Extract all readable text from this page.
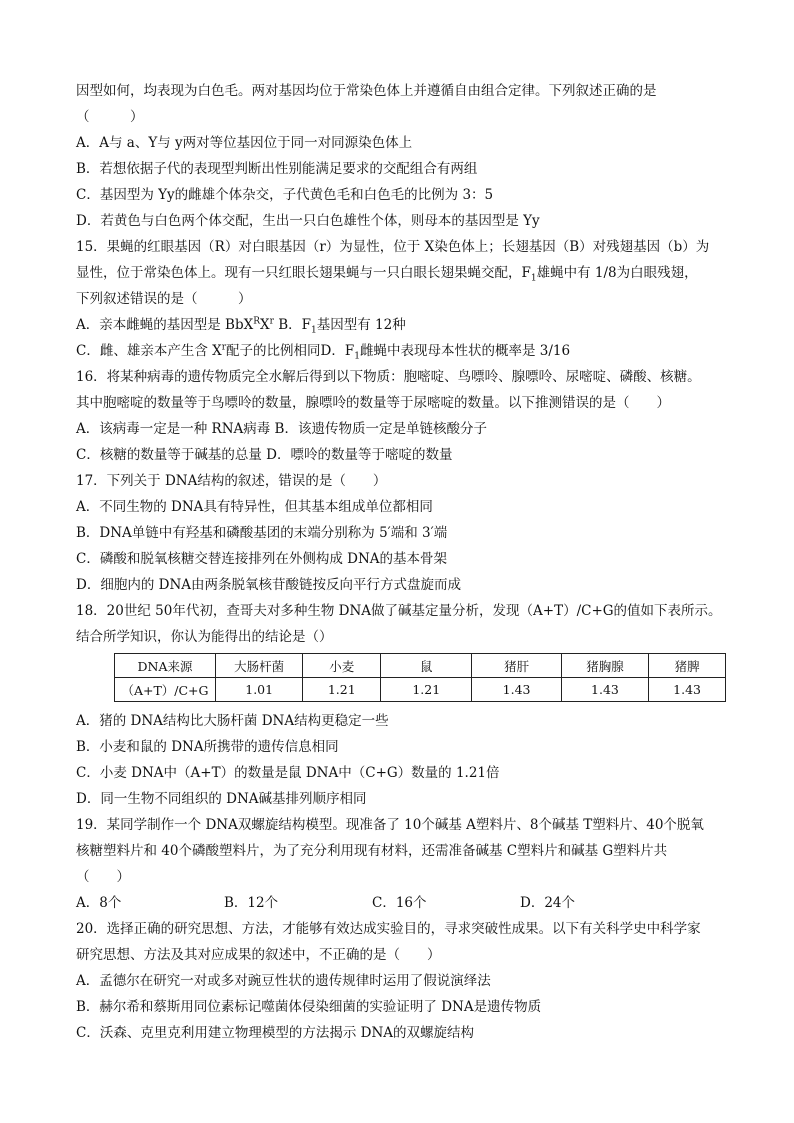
因型如何，均表现为白色毛。两对基因均位于常染色体上并遵循自由组合定律。下列叙述正确的是
（　　　）
A．A与 a、Y与 y两对等位基因位于同一对同源染色体上
B．若想依据子代的表现型判断出性别能满足要求的交配组合有两组
C．基因型为 Yy的雌雄个体杂交，子代黄色毛和白色毛的比例为 3：5
D．若黄色与白色两个体交配，生出一只白色雄性个体，则母本的基因型是 Yy
15．果蝇的红眼基因（R）对白眼基因（r）为显性，位于 X染色体上；长翅基因（B）对残翅基因（b）为
显性，位于常染色体上。现有一只红眼长翅果蝇与一只白眼长翅果蝇交配，$F_1$雄蝇中有 1/8为白眼残翅，
下列叙述错误的是（　　　）
A．亲本雌蝇的基因型是 $BbX^RX^r$ B．$F_1$基因型有 12种
C．雌、雄亲本产生含 $X^r$配子的比例相同D．$F_1$雌蝇中表现母本性状的概率是 3/16
16．将某种病毒的遗传物质完全水解后得到以下物质：胞嘧啶、鸟嘌呤、腺嘌呤、尿嘧啶、磷酸、核糖。
其中胞嘧啶的数量等于鸟嘌呤的数量，腺嘌呤的数量等于尿嘧啶的数量。以下推测错误的是（　　）
A．该病毒一定是一种 RNA病毒 B．该遗传物质一定是单链核酸分子
C．核糖的数量等于碱基的总量 D．嘌呤的数量等于嘧啶的数量
17．下列关于 DNA结构的叙述，错误的是（　　）
A．不同生物的 DNA具有特异性，但其基本组成单位都相同
B．DNA单链中有羟基和磷酸基团的末端分别称为 5′端和 3′端
C．磷酸和脱氧核糖交替连接排列在外侧构成 DNA的基本骨架
D．细胞内的 DNA由两条脱氧核苷酸链按反向平行方式盘旋而成
18．20世纪 50年代初，查哥夫对多种生物 DNA做了碱基定量分析，发现（A+T）/C+G的值如下表所示。
结合所学知识，你认为能得出的结论是（）
DNA来源	大肠杆菌	小麦	鼠	猪肝	猪胸腺	猪脾
（A+T）/C+G	1.01	1.21	1.21	1.43	1.43	1.43
A．猪的 DNA结构比大肠杆菌 DNA结构更稳定一些
B．小麦和鼠的 DNA所携带的遗传信息相同
C．小麦 DNA中（A+T）的数量是鼠 DNA中（C+G）数量的 1.21倍
D．同一生物不同组织的 DNA碱基排列顺序相同
19．某同学制作一个 DNA双螺旋结构模型。现准备了 10个碱基 A塑料片、8个碱基 T塑料片、40个脱氧
核糖塑料片和 40个磷酸塑料片，为了充分利用现有材料，还需准备碱基 C塑料片和碱基 G塑料片共
（　　）
A．8个	B．12个	C．16个	D．24个
20．选择正确的研究思想、方法，才能够有效达成实验目的，寻求突破性成果。以下有关科学史中科学家
研究思想、方法及其对应成果的叙述中，不正确的是（　　）
A．孟德尔在研究一对或多对豌豆性状的遗传规律时运用了假说演绎法
B．赫尔希和蔡斯用同位素标记噬菌体侵染细菌的实验证明了 DNA是遗传物质
C．沃森、克里克利用建立物理模型的方法揭示 DNA的双螺旋结构
